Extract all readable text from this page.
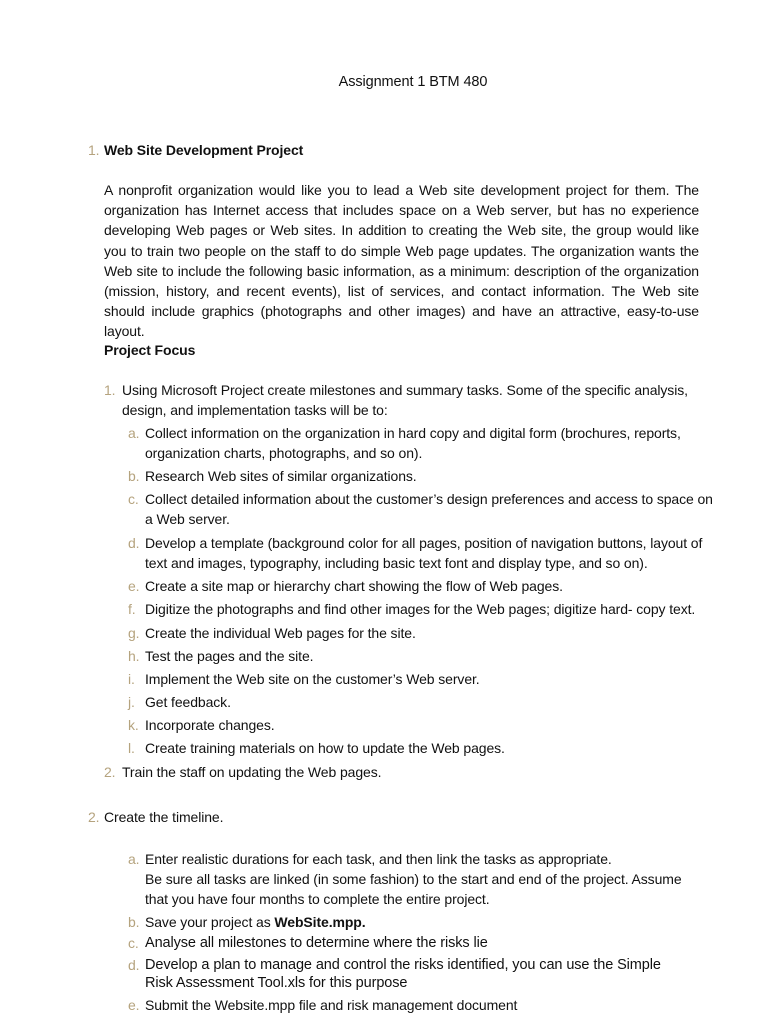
Assignment 1 BTM 480
1. Web Site Development Project
A nonprofit organization would like you to lead a Web site development project for them. The organization has Internet access that includes space on a Web server, but has no experience developing Web pages or Web sites. In addition to creating the Web site, the group would like you to train two people on the staff to do simple Web page updates. The organization wants the Web site to include the following basic information, as a minimum: description of the organization (mission, history, and recent events), list of services, and contact information. The Web site should include graphics (photographs and other images) and have an attractive, easy-to-use layout.
Project Focus
1. Using Microsoft Project create milestones and summary tasks. Some of the specific analysis,
design, and implementation tasks will be to:
a. Collect information on the organization in hard copy and digital form (brochures, reports,
organization charts, photographs, and so on).
b. Research Web sites of similar organizations.
c. Collect detailed information about the customer’s design preferences and access to space on
a Web server.
d. Develop a template (background color for all pages, position of navigation buttons, layout of
text and images, typography, including basic text font and display type, and so on).
e. Create a site map or hierarchy chart showing the flow of Web pages.
f. Digitize the photographs and find other images for the Web pages; digitize hard- copy text.
g. Create the individual Web pages for the site.
h. Test the pages and the site.
i. Implement the Web site on the customer’s Web server.
j. Get feedback.
k. Incorporate changes.
l. Create training materials on how to update the Web pages.
2. Train the staff on updating the Web pages.
2. Create the timeline.
a. Enter realistic durations for each task, and then link the tasks as appropriate.
Be sure all tasks are linked (in some fashion) to the start and end of the project. Assume
that you have four months to complete the entire project.
b. Save your project as WebSite.mpp.
c. Analyse all milestones to determine where the risks lie
d. Develop a plan to manage and control the risks identified, you can use the Simple
Risk Assessment Tool.xls for this purpose
e. Submit the Website.mpp file and risk management document
